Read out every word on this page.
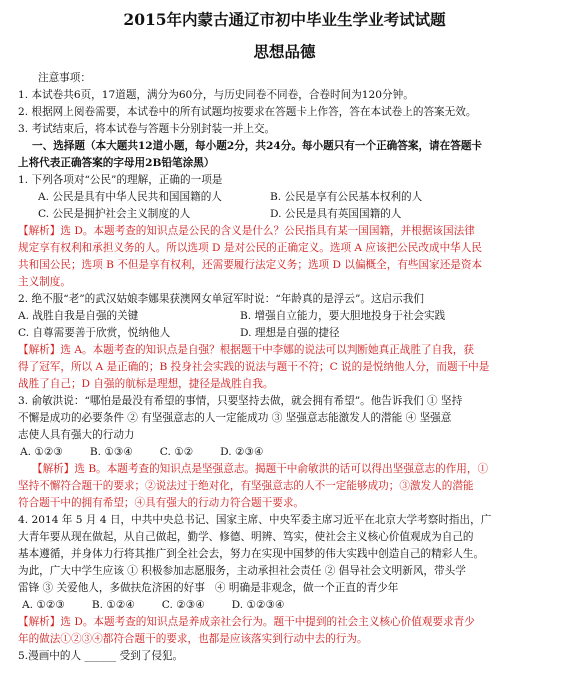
2015年内蒙古通辽市初中毕业生学业考试试题
思想品德
注意事项：
1. 本试卷共6页，17道题，满分为60分，与历史同卷不同卷，合卷时间为120分钟。
2. 根据网上阅卷需要，本试卷中的所有试题均按要求在答题卡上作答，答在本试卷上的答案无效。
3. 考试结束后，将本试卷与答题卡分别封装一并上交。
一、选择题（本大题共12道小题，每小题2分，共24分。每小题只有一个正确答案，请在答题卡
上将代表正确答案的字母用2B铅笔涂黑）
1. 下列各项对“公民”的理解，正确的一项是
A. 公民是具有中华人民共和国国籍的人	B. 公民是享有公民基本权利的人
C. 公民是拥护社会主义制度的人	D. 公民是具有英国国籍的人
【解析】选 D。本题考查的知识点是公民的含义是什么？公民指具有某一国国籍，并根据该国法律
规定享有权利和承担义务的人。所以选项 D 是对公民的正确定义。选项 A 应该把公民改成中华人民
共和国公民；选项 B 不但是享有权利，还需要履行法定义务；选项 D 以偏概全，有些国家还是资本
主义制度。
2. 绝不服“老”的武汉姑娘李娜果获澳网女单冠军时说：“年龄真的是浮云”。这启示我们
A. 战胜自我是自强的关键	B. 增强自立能力，要大胆地投身于社会实践
C. 自尊需要善于欣赏，悦纳他人	D. 理想是自强的捷径
【解析】选 A。本题考查的知识点是自强？根据题干中李娜的说法可以判断她真正战胜了自我，获
得了冠军，所以 A 是正确的；B 投身社会实践的说法与题干不符；C 说的是悦纳他人分，而题干中是
战胜了自己；D 自强的航标是理想，捷径是战胜自我。
3. 俞敏洪说：“哪怕是最没有希望的事情，只要坚持去做，就会拥有希望”。他告诉我们 ① 坚持
不懈是成功的必要条件 ② 有坚强意志的人一定能成功 ③ 坚强意志能激发人的潜能 ④ 坚强意
志使人具有强大的行动力
A. ①②③        B. ①③④        C. ①②        D. ②③④
【解析】选 B。本题考查的知识点是坚强意志。揭题干中俞敏洪的话可以得出坚强意志的作用，①
坚持不懈符合题干的要求；②说法过于绝对化，有坚强意志的人不一定能够成功；③激发人的潜能
符合题干中的拥有希望；④具有强大的行动力符合题干要求。
4. 2014 年 5 月 4 日，中共中央总书记、国家主席、中央军委主席习近平在北京大学考察时指出，广
大青年要从现在做起，从自己做起，勤学、修德、明辨、笃实，使社会主义核心价值观成为自己的
基本遵循，并身体力行将其推广到全社会去，努力在实现中国梦的伟大实践中创造自己的精彩人生。
为此，广大中学生应该 ① 积极参加志愿服务，主动承担社会责任 ② 倡导社会文明新风，带头学
雷锋 ③ 关爱他人，多做扶危济困的好事   ④ 明确是非观念，做一个正直的青少年
A. ①②③        B. ①②④        C. ②③④        D. ①②③④
【解析】选 D。本题考查的知识点是养成亲社会行为。题干中提到的社会主义核心价值观要求青少
年的做法①②③④都符合题干的要求，也都是应该落实到行动中去的行为。
5.漫画中的人 ______ 受到了侵犯。
